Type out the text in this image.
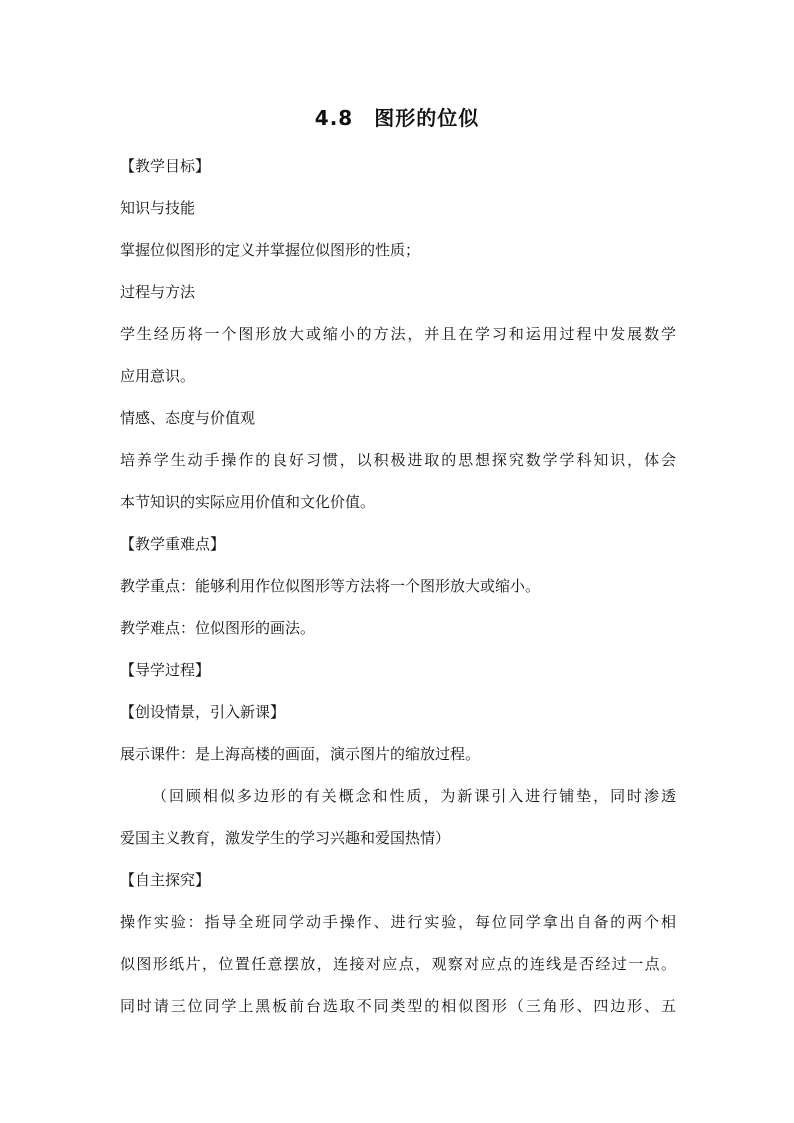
4.8　图形的位似
【教学目标】
知识与技能
掌握位似图形的定义并掌握位似图形的性质；
过程与方法
学生经历将一个图形放大或缩小的方法，并且在学习和运用过程中发展数学
应用意识。
情感、态度与价值观
培养学生动手操作的良好习惯，以积极进取的思想探究数学学科知识，体会
本节知识的实际应用价值和文化价值。
【教学重难点】
教学重点：能够利用作位似图形等方法将一个图形放大或缩小。
教学难点：位似图形的画法。
【导学过程】
【创设情景，引入新课】
展示课件：是上海高楼的画面，演示图片的缩放过程。
（回顾相似多边形的有关概念和性质，为新课引入进行铺垫，同时渗透
爱国主义教育，激发学生的学习兴趣和爱国热情）
【自主探究】
操作实验：指导全班同学动手操作、进行实验，每位同学拿出自备的两个相
似图形纸片，位置任意摆放，连接对应点，观察对应点的连线是否经过一点。
同时请三位同学上黑板前台选取不同类型的相似图形（三角形、四边形、五
